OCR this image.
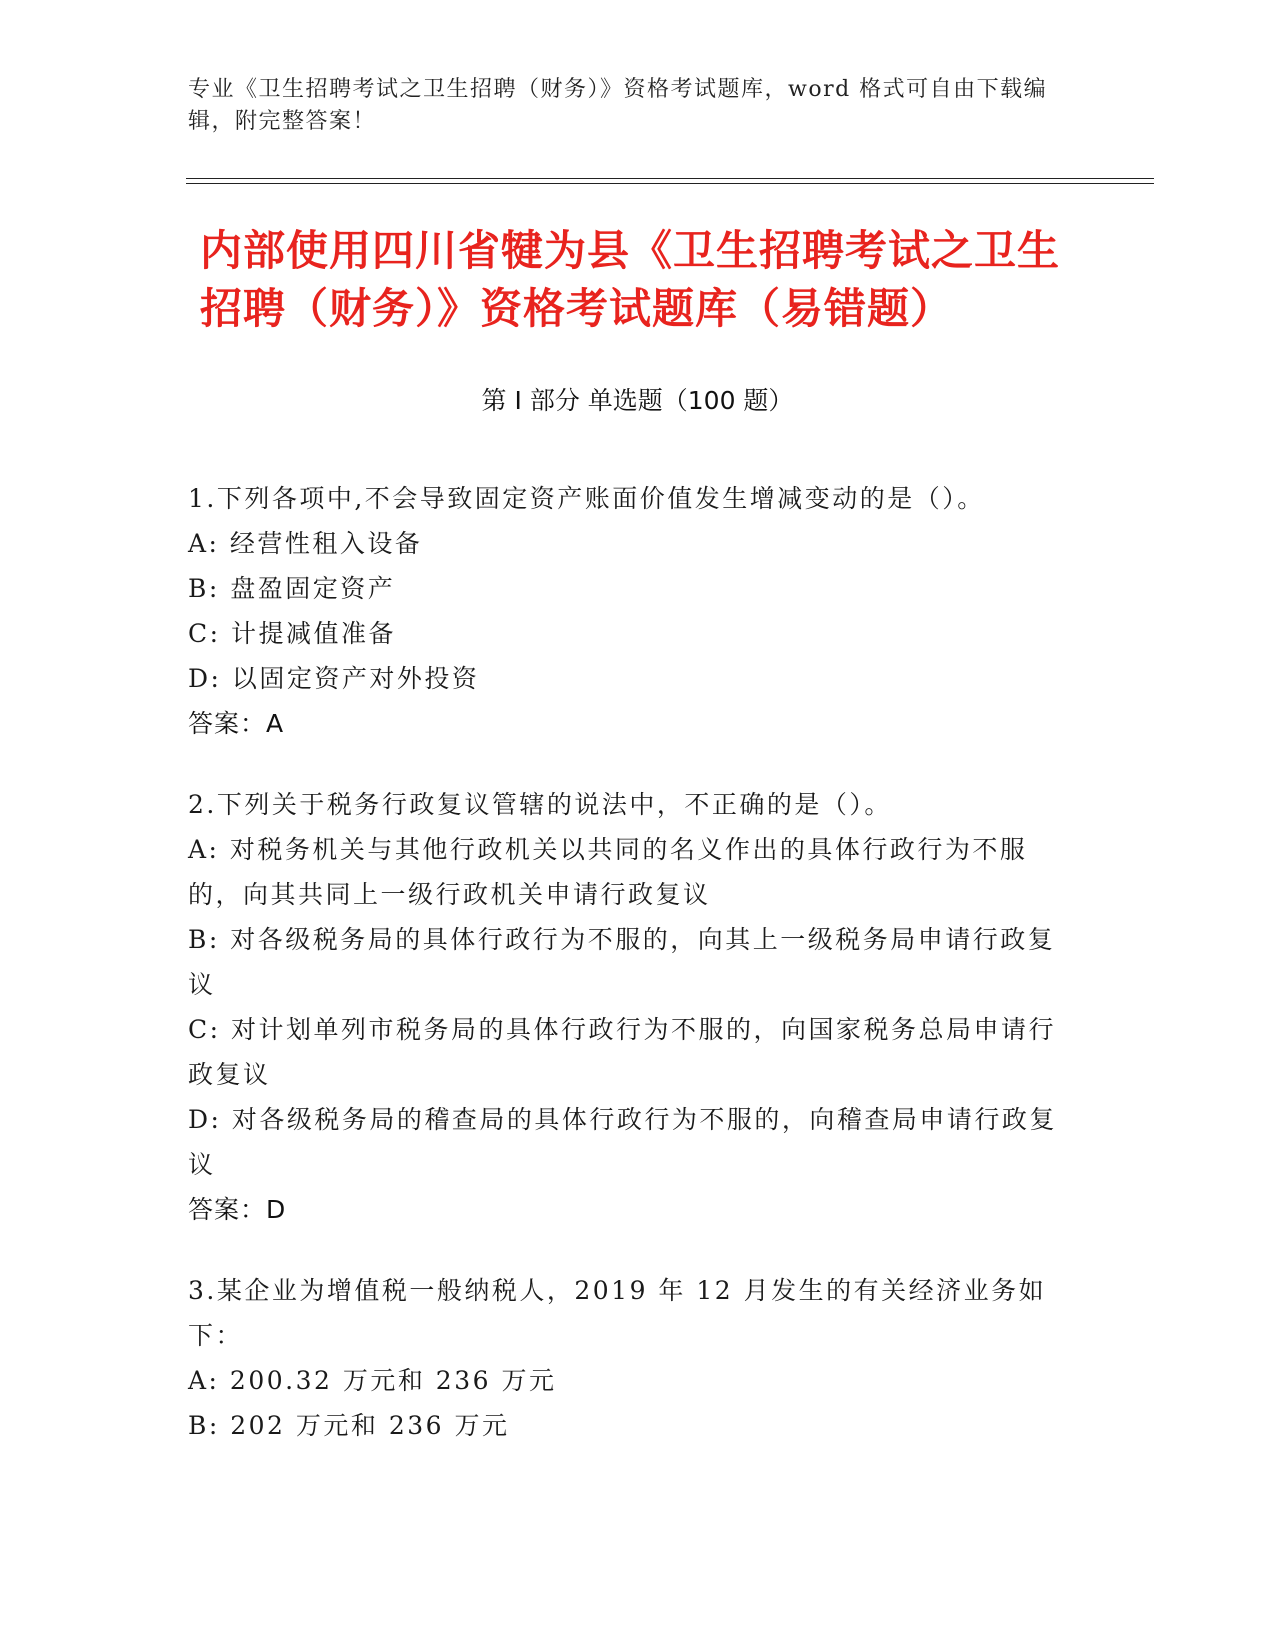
专业《卫生招聘考试之卫生招聘（财务）》资格考试题库，word 格式可自由下载编辑，附完整答案！
内部使用四川省犍为县《卫生招聘考试之卫生招聘（财务）》资格考试题库（易错题）
第 I 部分 单选题（100 题）
1.下列各项中,不会导致固定资产账面价值发生增减变动的是（）。
A: 经营性租入设备
B: 盘盈固定资产
C: 计提减值准备
D: 以固定资产对外投资
答案：A
2.下列关于税务行政复议管辖的说法中，不正确的是（）。
A: 对税务机关与其他行政机关以共同的名义作出的具体行政行为不服的，向其共同上一级行政机关申请行政复议
B: 对各级税务局的具体行政行为不服的，向其上一级税务局申请行政复议
C: 对计划单列市税务局的具体行政行为不服的，向国家税务总局申请行政复议
D: 对各级税务局的稽查局的具体行政行为不服的，向稽查局申请行政复议
答案：D
3.某企业为增值税一般纳税人，2019 年 12 月发生的有关经济业务如下：
A: 200.32 万元和 236 万元
B: 202 万元和 236 万元
